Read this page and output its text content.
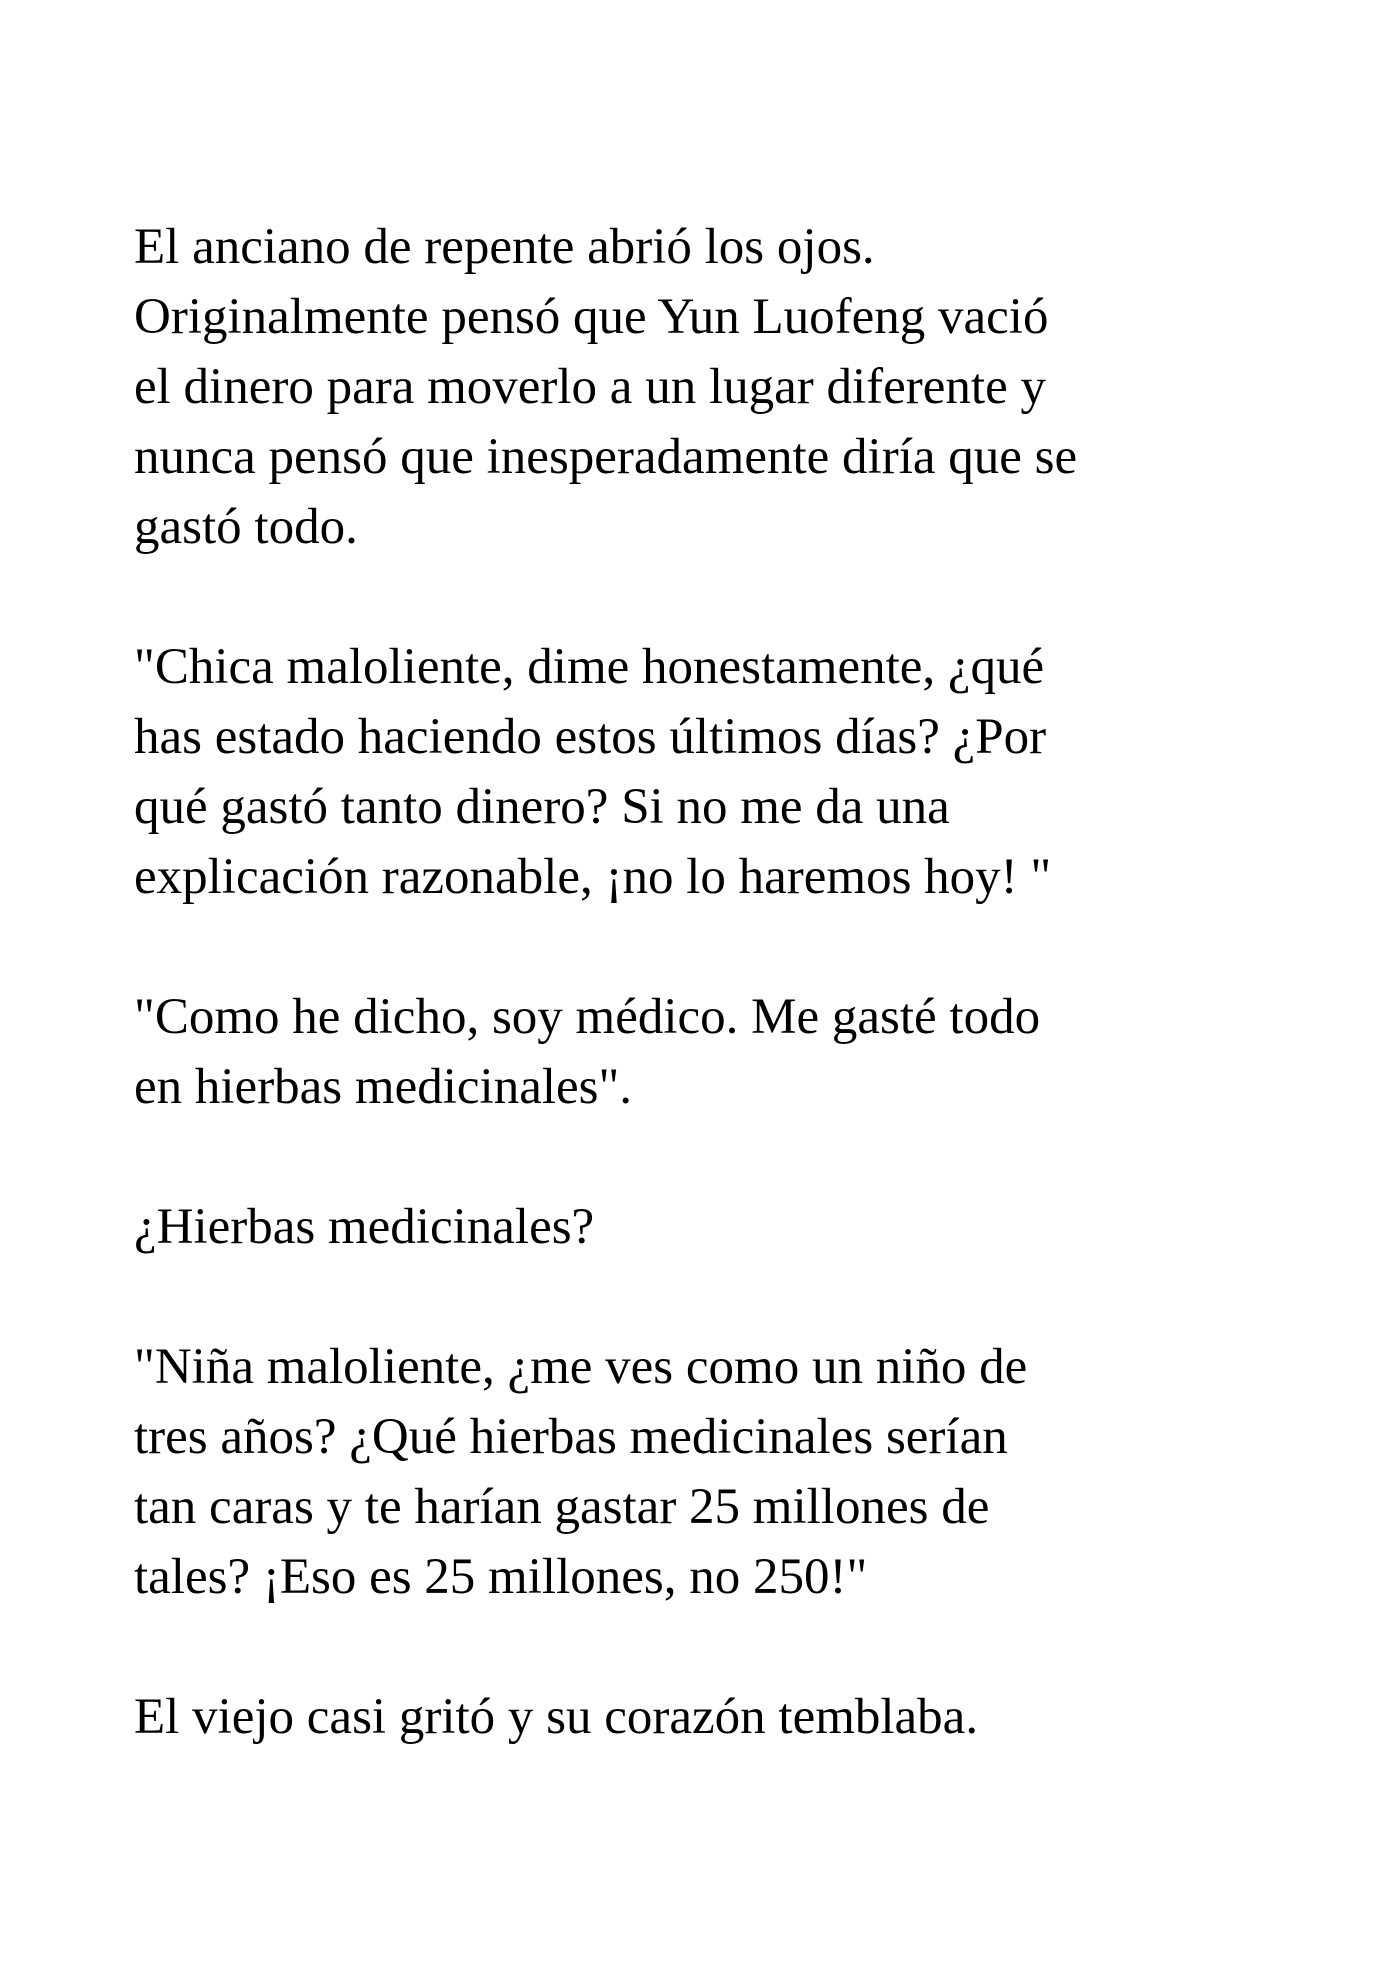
El anciano de repente abrió los ojos.
Originalmente pensó que Yun Luofeng vació
el dinero para moverlo a un lugar diferente y
nunca pensó que inesperadamente diría que se
gastó todo.
"Chica maloliente, dime honestamente, ¿qué
has estado haciendo estos últimos días? ¿Por
qué gastó tanto dinero? Si no me da una
explicación razonable, ¡no lo haremos hoy! "
"Como he dicho, soy médico. Me gasté todo
en hierbas medicinales".
¿Hierbas medicinales?
"Niña maloliente, ¿me ves como un niño de
tres años? ¿Qué hierbas medicinales serían
tan caras y te harían gastar 25 millones de
tales? ¡Eso es 25 millones, no 250!"
El viejo casi gritó y su corazón temblaba.
